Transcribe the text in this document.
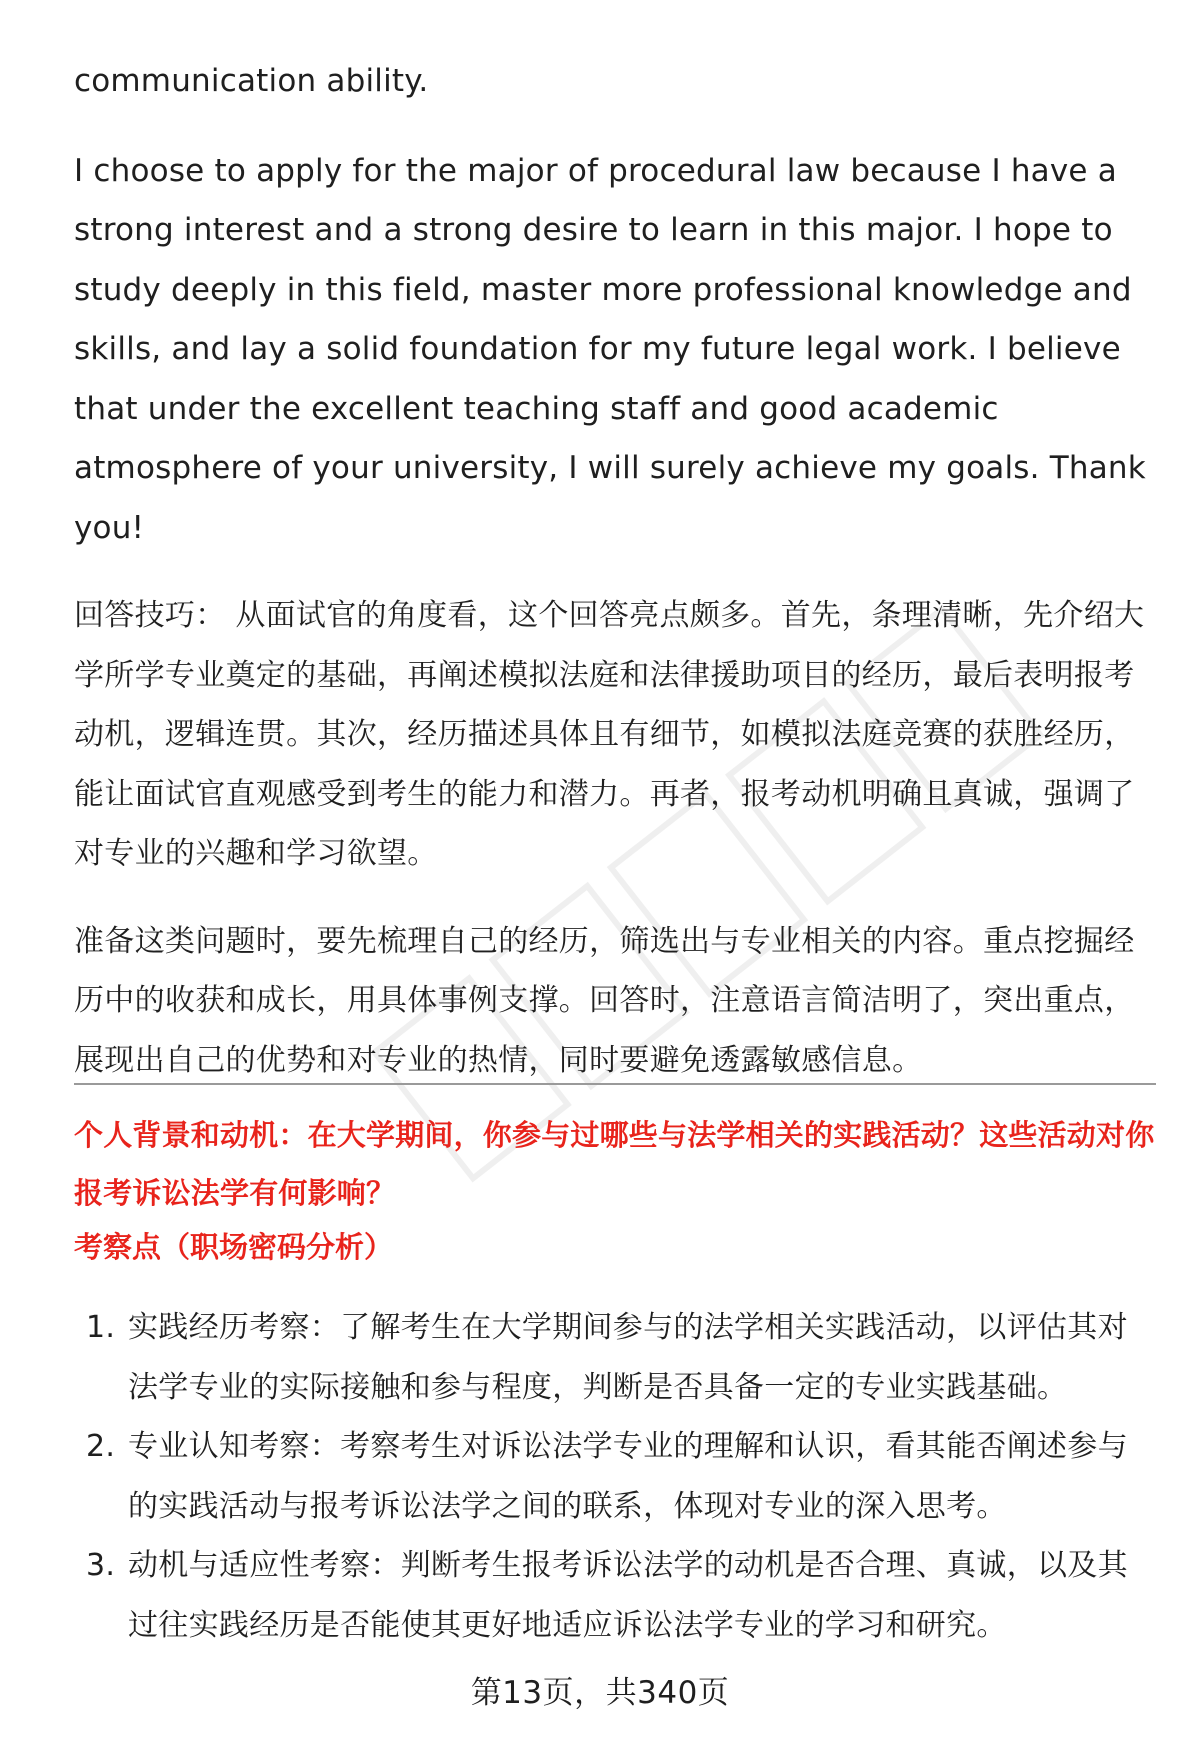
communication ability.

I choose to apply for the major of procedural law because I have a strong interest and a strong desire to learn in this major. I hope to study deeply in this field, master more professional knowledge and skills, and lay a solid foundation for my future legal work. I believe that under the excellent teaching staff and good academic atmosphere of your university, I will surely achieve my goals. Thank you!

回答技巧： 从面试官的角度看，这个回答亮点颇多。首先，条理清晰，先介绍大学所学专业奠定的基础，再阐述模拟法庭和法律援助项目的经历，最后表明报考动机，逻辑连贯。其次，经历描述具体且有细节，如模拟法庭竞赛的获胜经历，能让面试官直观感受到考生的能力和潜力。再者，报考动机明确且真诚，强调了对专业的兴趣和学习欲望。

准备这类问题时，要先梳理自己的经历，筛选出与专业相关的内容。重点挖掘经历中的收获和成长，用具体事例支撑。回答时，注意语言简洁明了，突出重点，展现出自己的优势和对专业的热情，同时要避免透露敏感信息。

个人背景和动机：在大学期间，你参与过哪些与法学相关的实践活动？这些活动对你报考诉讼法学有何影响？
考察点（职场密码分析）
1. 实践经历考察：了解考生在大学期间参与的法学相关实践活动，以评估其对法学专业的实际接触和参与程度，判断是否具备一定的专业实践基础。
2. 专业认知考察：考察考生对诉讼法学专业的理解和认识，看其能否阐述参与的实践活动与报考诉讼法学之间的联系，体现对专业的深入思考。
3. 动机与适应性考察：判断考生报考诉讼法学的动机是否合理、真诚，以及其过往实践经历是否能使其更好地适应诉讼法学专业的学习和研究。
第13页，共340页
